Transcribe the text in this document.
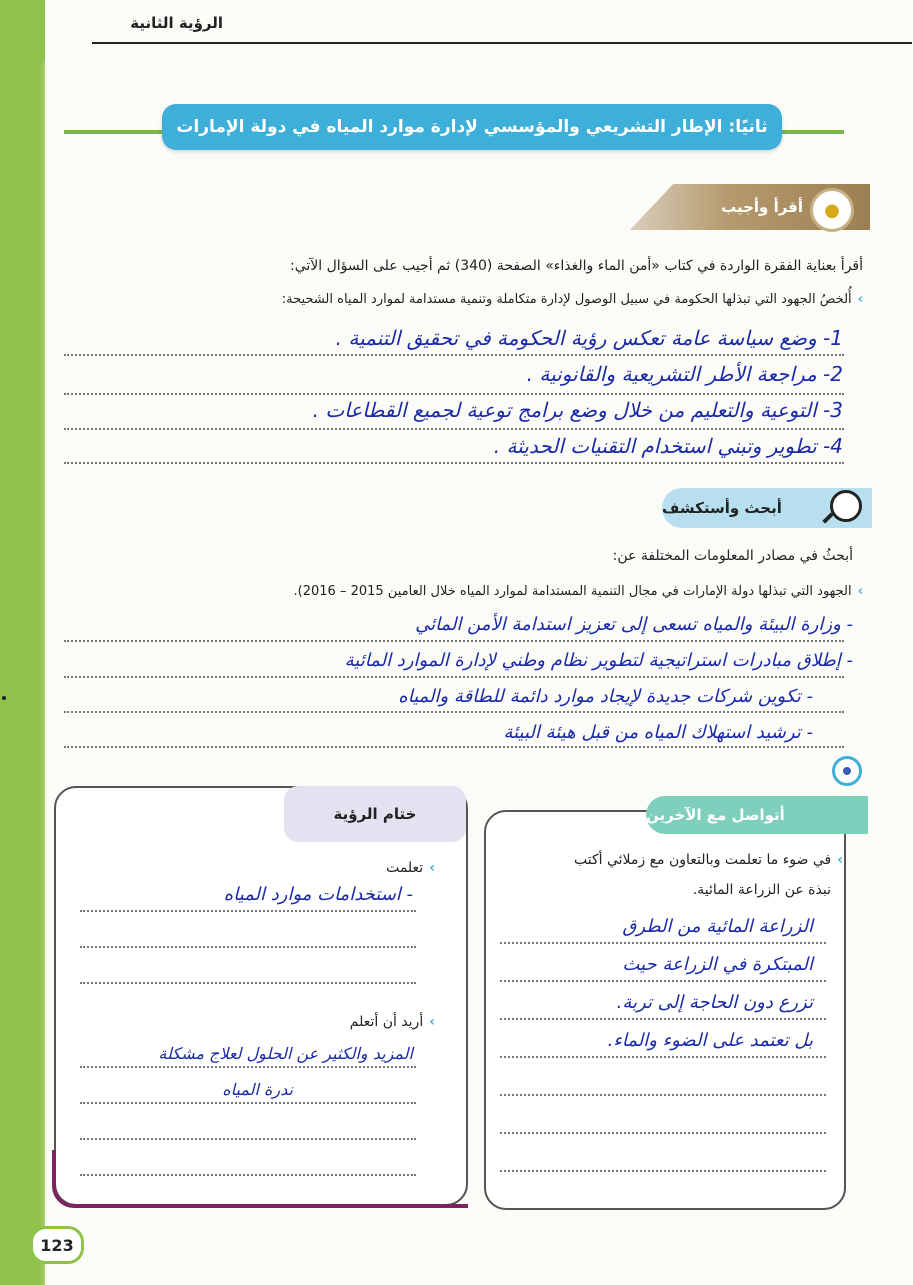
الرؤية الثانية
ثانيًا: الإطار التشريعي والمؤسسي لإدارة موارد المياه في دولة الإمارات
أقرأ وأجيب	●
أقرأ بعناية الفقرة الواردة في كتاب «أمن الماء والغذاء» الصفحة (340) ثم أجيب على السؤال الآتي:
›أُلخصُ الجهود التي تبذلها الحكومة في سبيل الوصول لإدارة متكاملة وتنمية مستدامة لموارد المياه الشحيحة:
1- وضع سياسة عامة تعكس رؤية الحكومة في تحقيق التنمية .
2- مراجعة الأطر التشريعية والقانونية .
3- التوعية والتعليم من خلال وضع برامج توعية لجميع القطاعات .
4- تطوير وتبني استخدام التقنيات الحديثة .
أبحث وأستكشف
أبحثُ في مصادر المعلومات المختلفة عن:
›الجهود التي تبذلها دولة الإمارات في مجال التنمية المستدامة لموارد المياه خلال العامين 2015 – 2016).
- وزارة البيئة والمياه تسعى إلى تعزيز استدامة الأمن المائي
- إطلاق مبادرات استراتيجية لتطوير نظام وطني لإدارة الموارد المائية
- تكوين شركات جديدة لإيجاد موارد دائمة للطاقة والمياه
- ترشيد استهلاك المياه من قبل هيئة البيئة
أتواصل مع الآخرين
›في ضوء ما تعلمت وبالتعاون مع زملائي أكتب
نبذة عن الزراعة المائية.
الزراعة المائية من الطرق
المبتكرة في الزراعة حيث
تزرع دون الحاجة إلى تربة.
بل تعتمد على الضوء والماء.
ختام الرؤية
›تعلمت
- استخدامات موارد المياه
›أريد أن أتعلم
المزيد والكثير عن الحلول لعلاج مشكلة
ندرة المياه
123
